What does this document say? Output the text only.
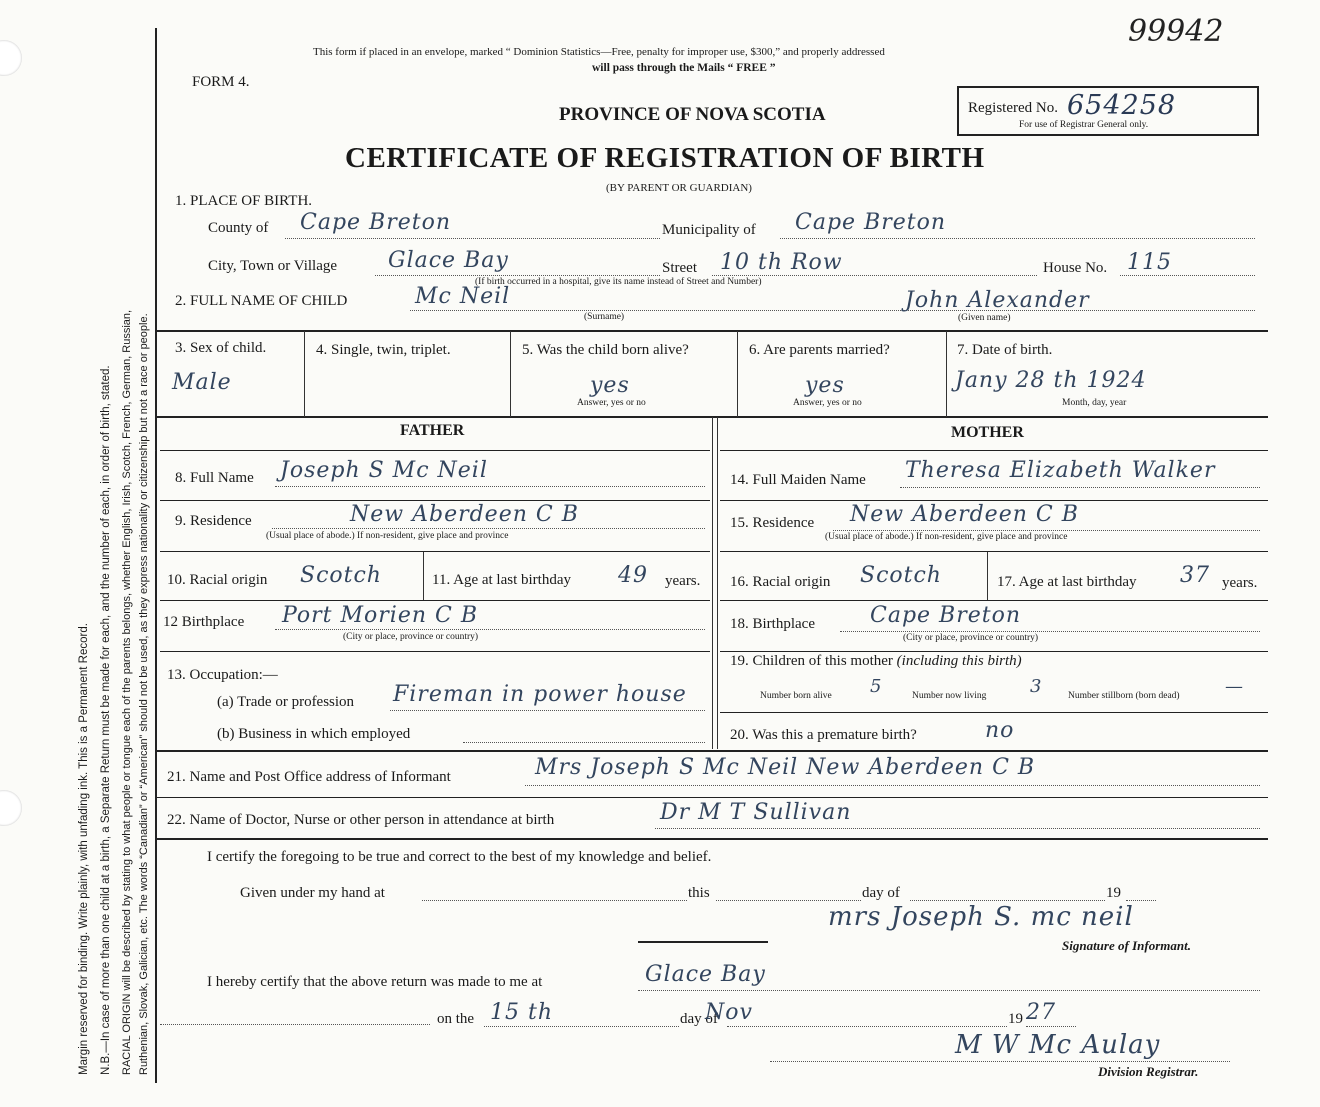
Margin reserved for binding. Write plainly, with unfading ink. This is a Permanent Record. N.B.—In case of more than one child at a birth, a Separate Return must be made for each, and the number of each, in order of birth, stated. RACIAL ORIGIN will be described by stating to what people or tongue each of the parents belongs, whether English, Irish, Scotch, French, German, Russian, Ruthenian, Slovak, Galician, etc. The words “Canadian” or “American” should not be used, as they express nationality or citizenship but not a race or people.
This form if placed in an envelope, marked “ Dominion Statistics—Free, penalty for improper use, $300,” and properly addressed
will pass through the Mails “ FREE ”
99942
FORM 4.
PROVINCE OF NOVA SCOTIA
CERTIFICATE OF REGISTRATION OF BIRTH
(BY PARENT OR GUARDIAN)
Registered No. 654258
For use of Registrar General only.
1. PLACE OF BIRTH.
County of Cape Breton	Municipality of Cape Breton
City, Town or Village Glace Bay	Street 10 th Row
(If birth occurred in a hospital, give its name instead of Street and Number)
House No. 115
2. FULL NAME OF CHILD	Mc Neil
(Surname)
John Alexander
(Given name)
3. Sex of child.
Male
4. Single, twin, triplet.	5. Was the child born alive?
yes
Answer, yes or no
6. Are parents married?
yes
Answer, yes or no
7. Date of birth.
Jany 28 th 1924
Month, day, year
FATHER	MOTHER
8. Full Name Joseph S Mc Neil
9. Residence	New Aberdeen C B
(Usual place of abode.) If non-resident, give place and province
10. Racial origin Scotch	11. Age at last birthday 49 years.
12 Birthplace Port Morien C B
(City or place, province or country)
13. Occupation:—
(a) Trade or profession Fireman in power house
(b) Business in which employed
14. Full Maiden Name Theresa Elizabeth Walker
15. Residence New Aberdeen C B
(Usual place of abode.) If non-resident, give place and province
16. Racial origin Scotch	17. Age at last birthday 37 years.
18. Birthplace	Cape Breton
(City or place, province or country)
19. Children of this mother (including this birth)
Number born alive 5	Number now living 3	Number stillborn (born dead)	—
20. Was this a premature birth?	no
21. Name and Post Office address of Informant	Mrs Joseph S Mc Neil New Aberdeen C B
22. Name of Doctor, Nurse or other person in attendance at birth	Dr M T Sullivan
I certify the foregoing to be true and correct to the best of my knowledge and belief.
Given under my hand at	this	day of	19
mrs Joseph S. mc neil
Signature of Informant.
I hereby certify that the above return was made to me at	Glace Bay
on the 15 th	day of
Nov	19 27
M W Mc Aulay
Division Registrar.
